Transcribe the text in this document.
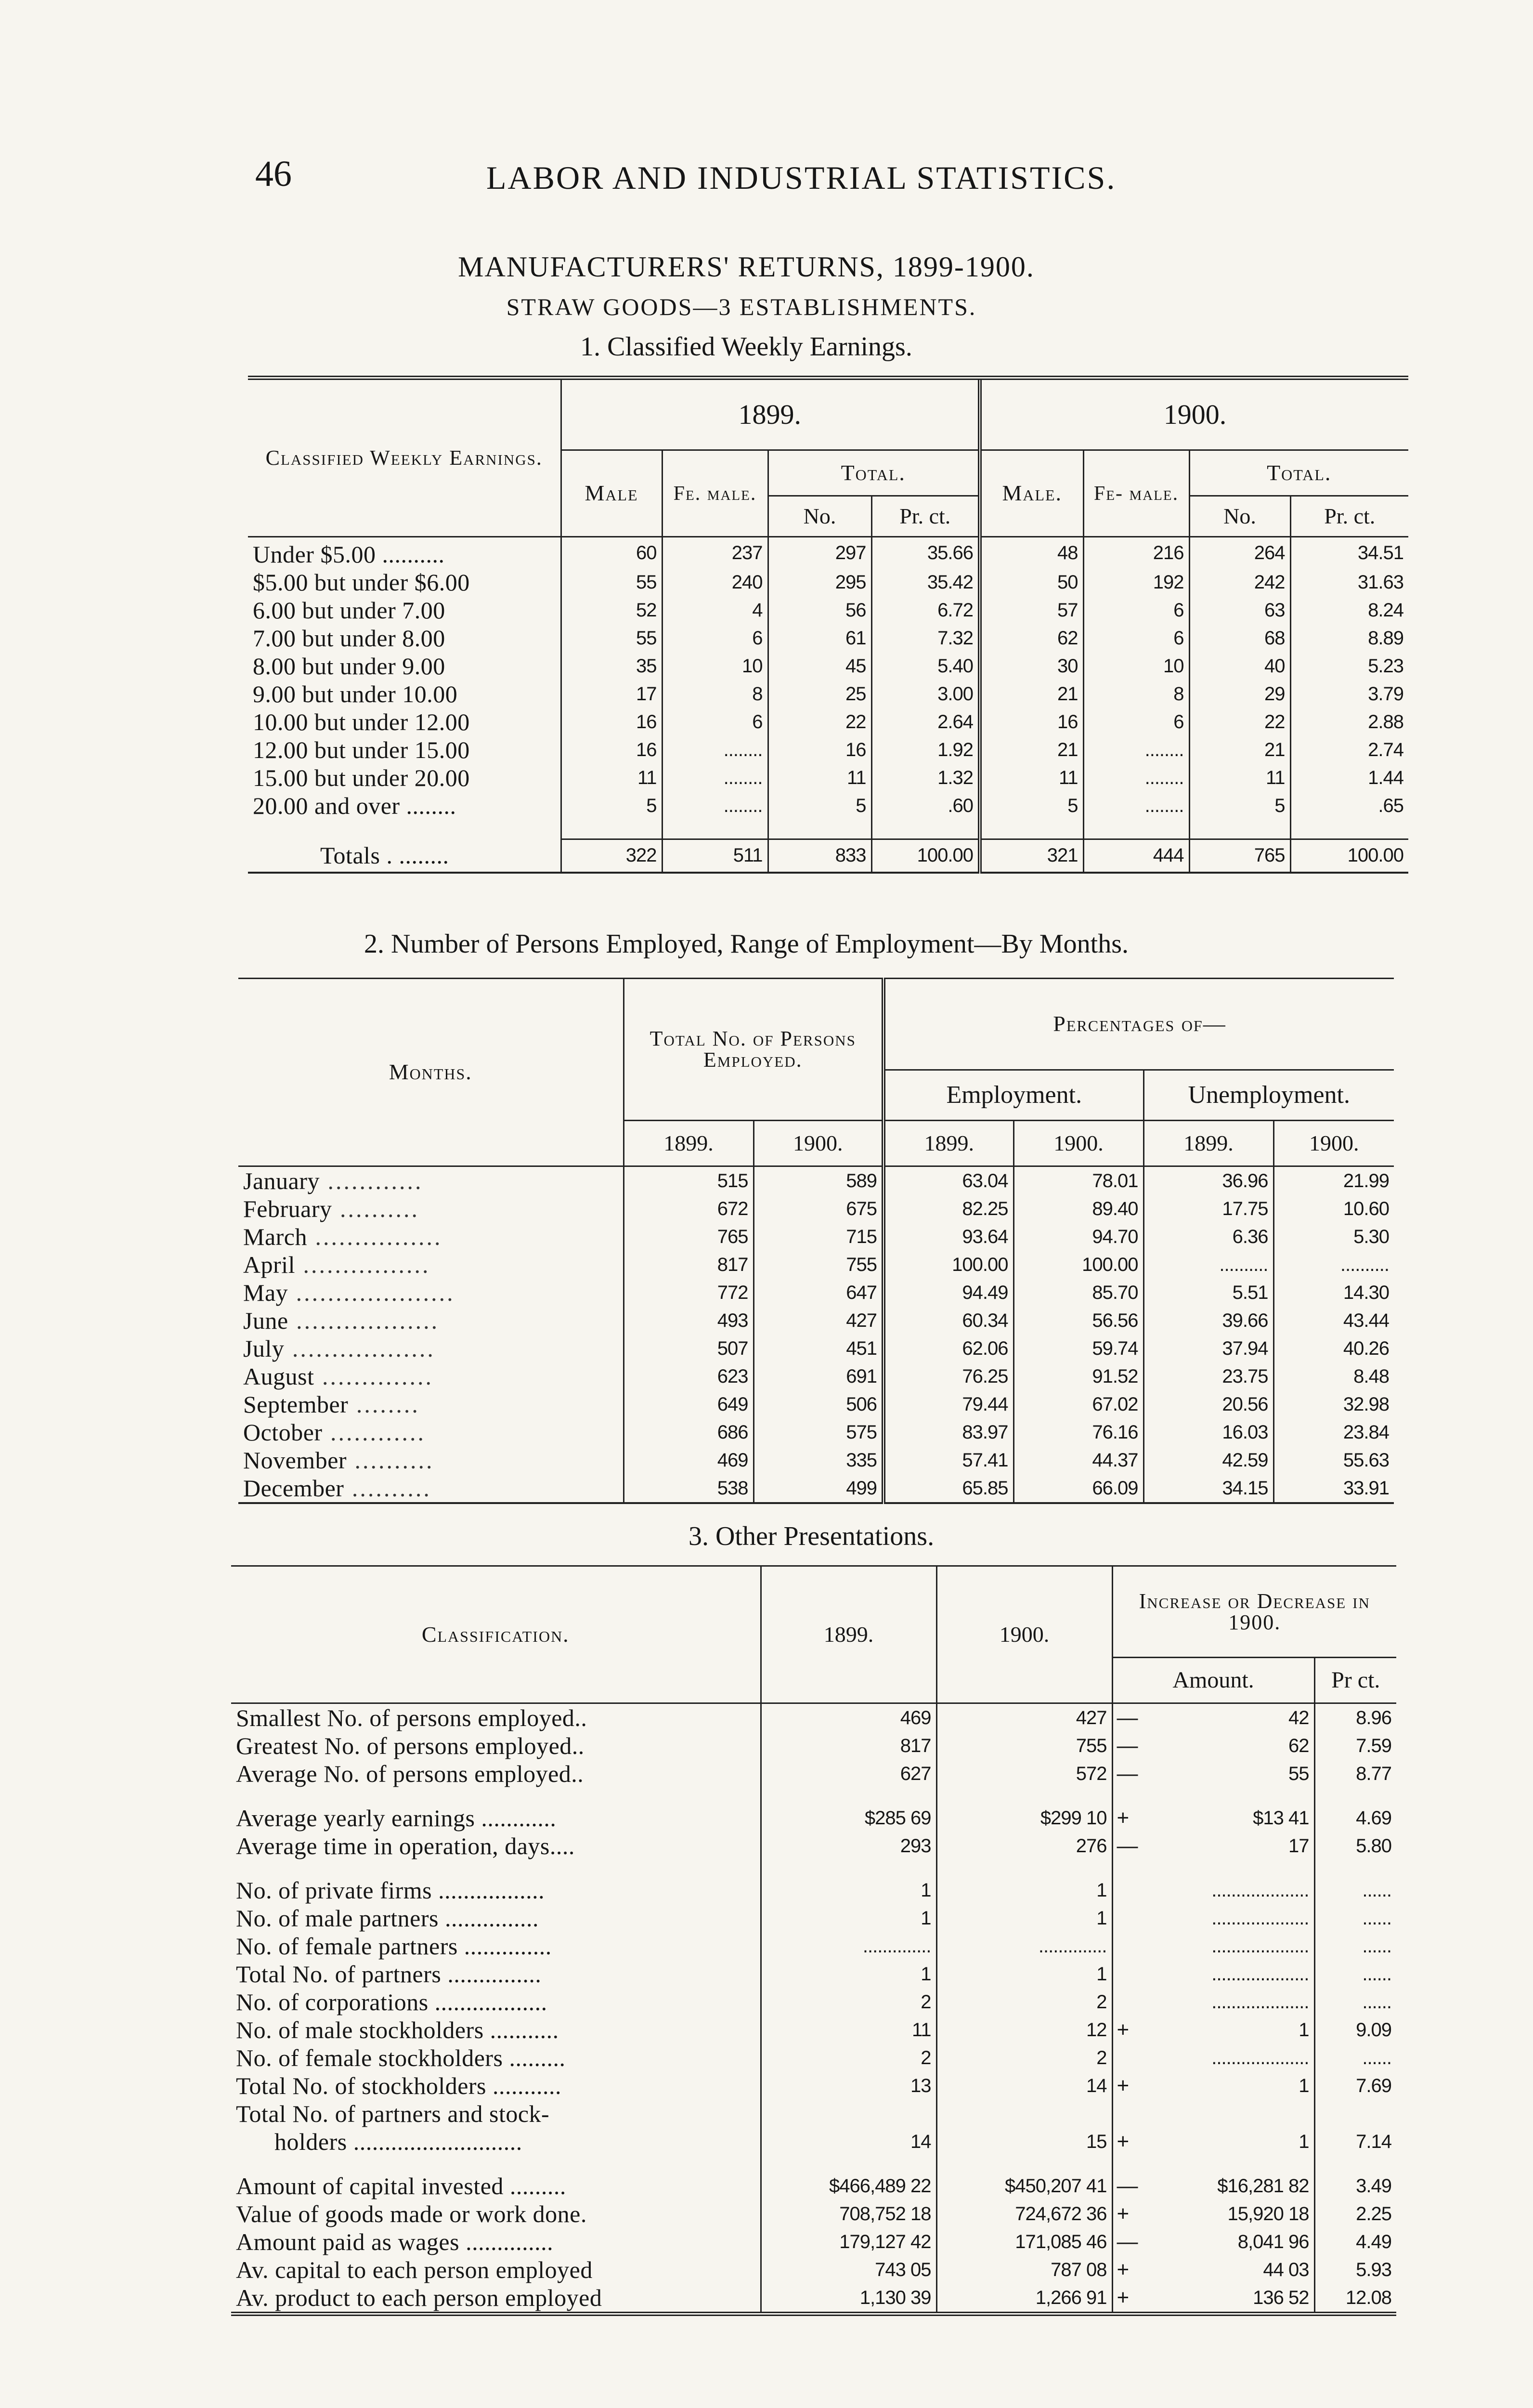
46	LABOR AND INDUSTRIAL STATISTICS.
MANUFACTURERS' RETURNS, 1899-1900.
STRAW GOODS—3 ESTABLISHMENTS.
1. Classified Weekly Earnings.
Classified Weekly Earnings.	1899.				1900.			
	Male	Fe. male.	Total.		Male.	Fe- male.	Total.	
			No.	Pr. ct.			No.	Pr. ct.
Under $5.00 ..........	60	237	297	35.66	48	216	264	34.51
$5.00 but under $6.00	55	240	295	35.42	50	192	242	31.63
6.00 but under 7.00	52	4	56	6.72	57	6	63	8.24
7.00 but under 8.00	55	6	61	7.32	62	6	68	8.89
8.00 but under 9.00	35	10	45	5.40	30	10	40	5.23
9.00 but under 10.00	17	8	25	3.00	21	8	29	3.79
10.00 but under 12.00	16	6	22	2.64	16	6	22	2.88
12.00 but under 15.00	16	........	16	1.92	21	........	21	2.74
15.00 but under 20.00	11	........	11	1.32	11	........	11	1.44
20.00 and over ........	5	........	5	.60	5	........	5	.65

Totals . ........	322	511	833	100.00	321	444	765	100.00
2. Number of Persons Employed, Range of Employment—By Months.
Months.	Total No. of Persons Employed.		Percentages of—			
			Employment.		Unemployment.	
	1899.	1900.	1899.	1900.	1899.	1900.
January ............	515	589	63.04	78.01	36.96	21.99
February ..........	672	675	82.25	89.40	17.75	10.60
March ................	765	715	93.64	94.70	6.36	5.30
April ................	817	755	100.00	100.00	..........	..........
May ....................	772	647	94.49	85.70	5.51	14.30
June ..................	493	427	60.34	56.56	39.66	43.44
July ..................	507	451	62.06	59.74	37.94	40.26
August ..............	623	691	76.25	91.52	23.75	8.48
September ........	649	506	79.44	67.02	20.56	32.98
October ............	686	575	83.97	76.16	16.03	23.84
November ..........	469	335	57.41	44.37	42.59	55.63
December ..........	538	499	65.85	66.09	34.15	33.91
3. Other Presentations.
Classification.	1899.	1900.	Increase or Decrease in 1900.		
			Amount.		Pr ct.
Smallest No. of persons employed..	469	427	—	42	8.96
Greatest No. of persons employed..	817	755	—	62	7.59
Average No. of persons employed..	627	572	—	55	8.77

Average yearly earnings ............	$285 69	$299 10	+	$13 41	4.69
Average time in operation, days....	293	276	—	17	5.80

No. of private firms .................	1	1		....................	......
No. of male partners ...............	1	1		....................	......
No. of female partners ..............	..............	..............		....................	......
Total No. of partners ...............	1	1		....................	......
No. of corporations ..................	2	2		....................	......
No. of male stockholders ...........	11	12	+	1	9.09
No. of female stockholders .........	2	2		....................	......
Total No. of stockholders ...........	13	14	+	1	7.69
Total No. of partners and stock-					
holders ...........................	14	15	+	1	7.14

Amount of capital invested .........	$466,489 22	$450,207 41	—	$16,281 82	3.49
Value of goods made or work done.	708,752 18	724,672 36	+	15,920 18	2.25
Amount paid as wages ..............	179,127 42	171,085 46	—	8,041 96	4.49
Av. capital to each person employed	743 05	787 08	+	44 03	5.93
Av. product to each person employed	1,130 39	1,266 91	+	136 52	12.08
